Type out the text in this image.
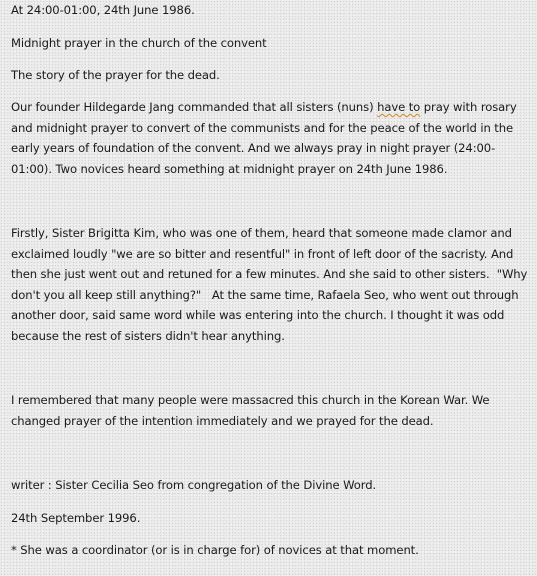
At 24:00-01:00, 24th June 1986.

Midnight prayer in the church of the convent

The story of the prayer for the dead.

Our founder Hildegarde Jang commanded that all sisters (nuns) have to pray with rosary and midnight prayer to convert of the communists and for the peace of the world in the early years of foundation of the convent. And we always pray in night prayer (24:00-01:00). Two novices heard something at midnight prayer on 24th June 1986.

Firstly, Sister Brigitta Kim, who was one of them, heard that someone made clamor and exclaimed loudly "we are so bitter and resentful" in front of left door of the sacristy. And then she just went out and retuned for a few minutes. And she said to other sisters.  "Why don't you all keep still anything?"   At the same time, Rafaela Seo, who went out through another door, said same word while was entering into the church. I thought it was odd because the rest of sisters didn't hear anything.

I remembered that many people were massacred this church in the Korean War. We changed prayer of the intention immediately and we prayed for the dead.

writer : Sister Cecilia Seo from congregation of the Divine Word.

24th September 1996.

* She was a coordinator (or is in charge for) of novices at that moment.
